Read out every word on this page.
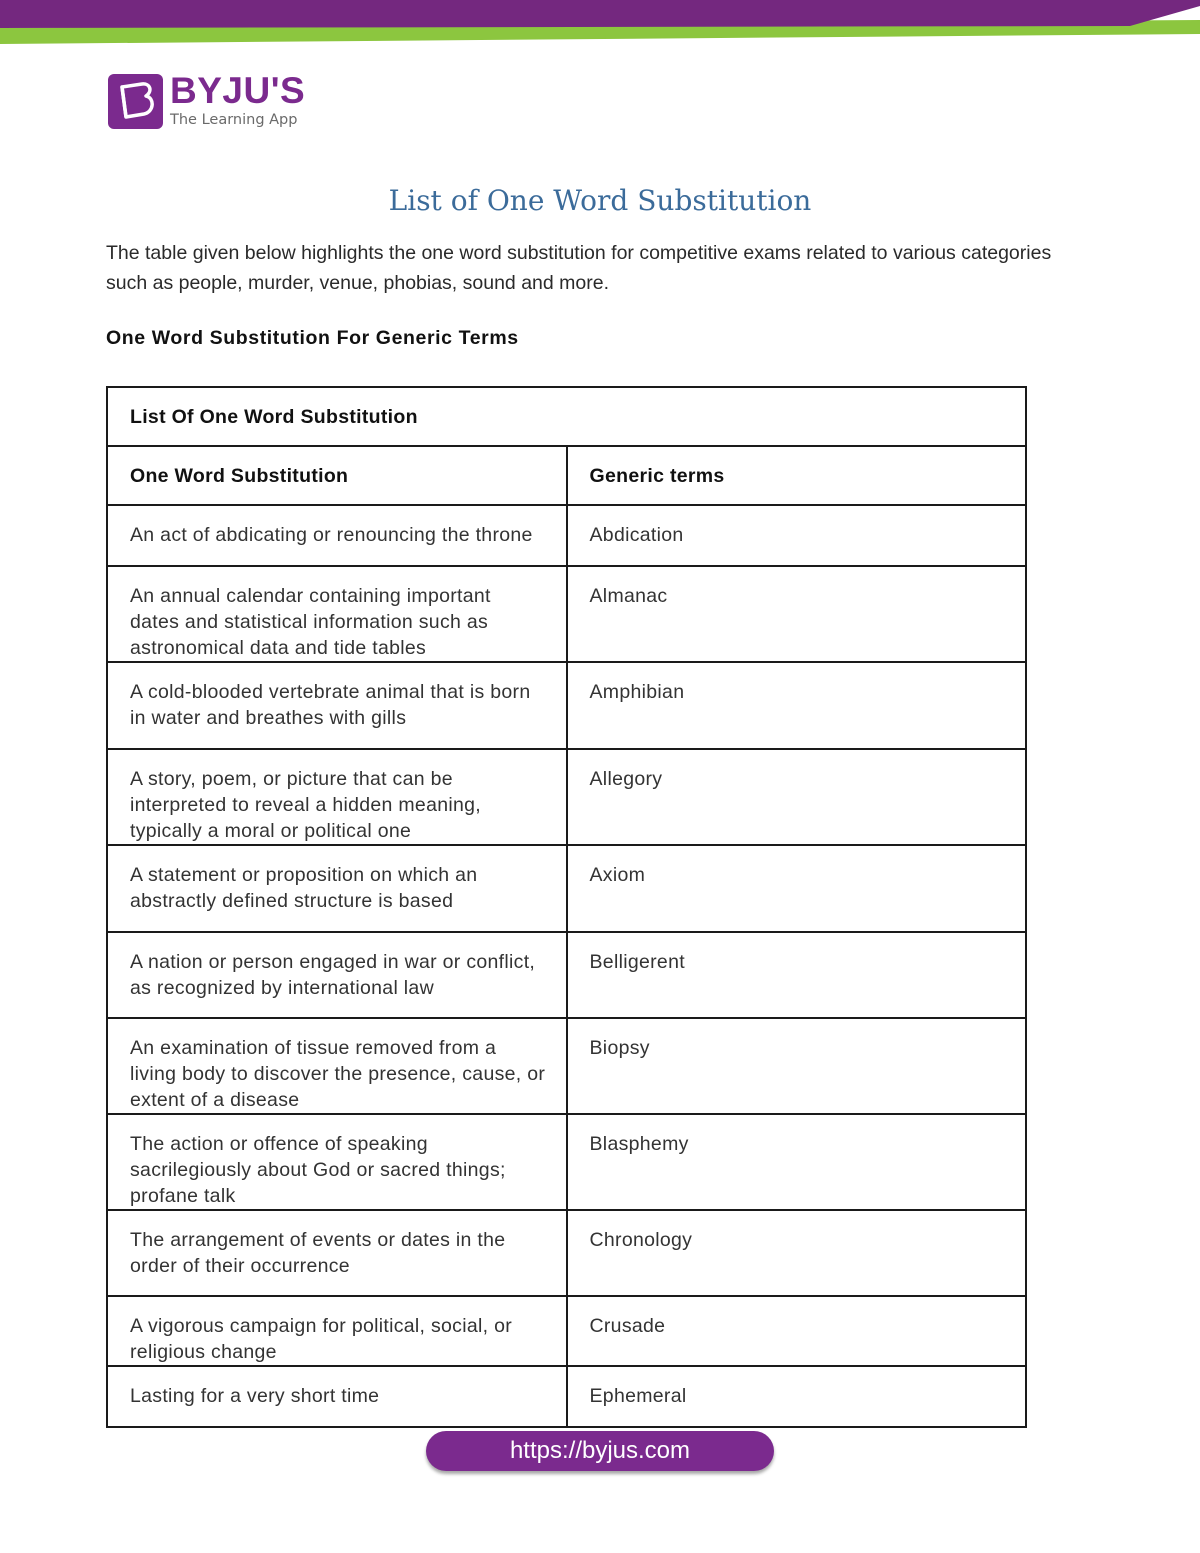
BYJU'S
The Learning App
List of One Word Substitution

The table given below highlights the one word substitution for competitive exams related to various categories such as people, murder, venue, phobias, sound and more.

One Word Substitution For Generic Terms

List Of One Word Substitution	
One Word Substitution	Generic terms
An act of abdicating or renouncing the throne	Abdication
An annual calendar containing important dates and statistical information such as astronomical data and tide tables	Almanac
A cold-blooded vertebrate animal that is born in water and breathes with gills	Amphibian
A story, poem, or picture that can be interpreted to reveal a hidden meaning, typically a moral or political one	Allegory
A statement or proposition on which an abstractly defined structure is based	Axiom
A nation or person engaged in war or conflict, as recognized by international law	Belligerent
An examination of tissue removed from a living body to discover the presence, cause, or extent of a disease	Biopsy
The action or offence of speaking sacrilegiously about God or sacred things; profane talk	Blasphemy
The arrangement of events or dates in the order of their occurrence	Chronology
A vigorous campaign for political, social, or religious change	Crusade
Lasting for a very short time	Ephemeral
https://byjus.com
